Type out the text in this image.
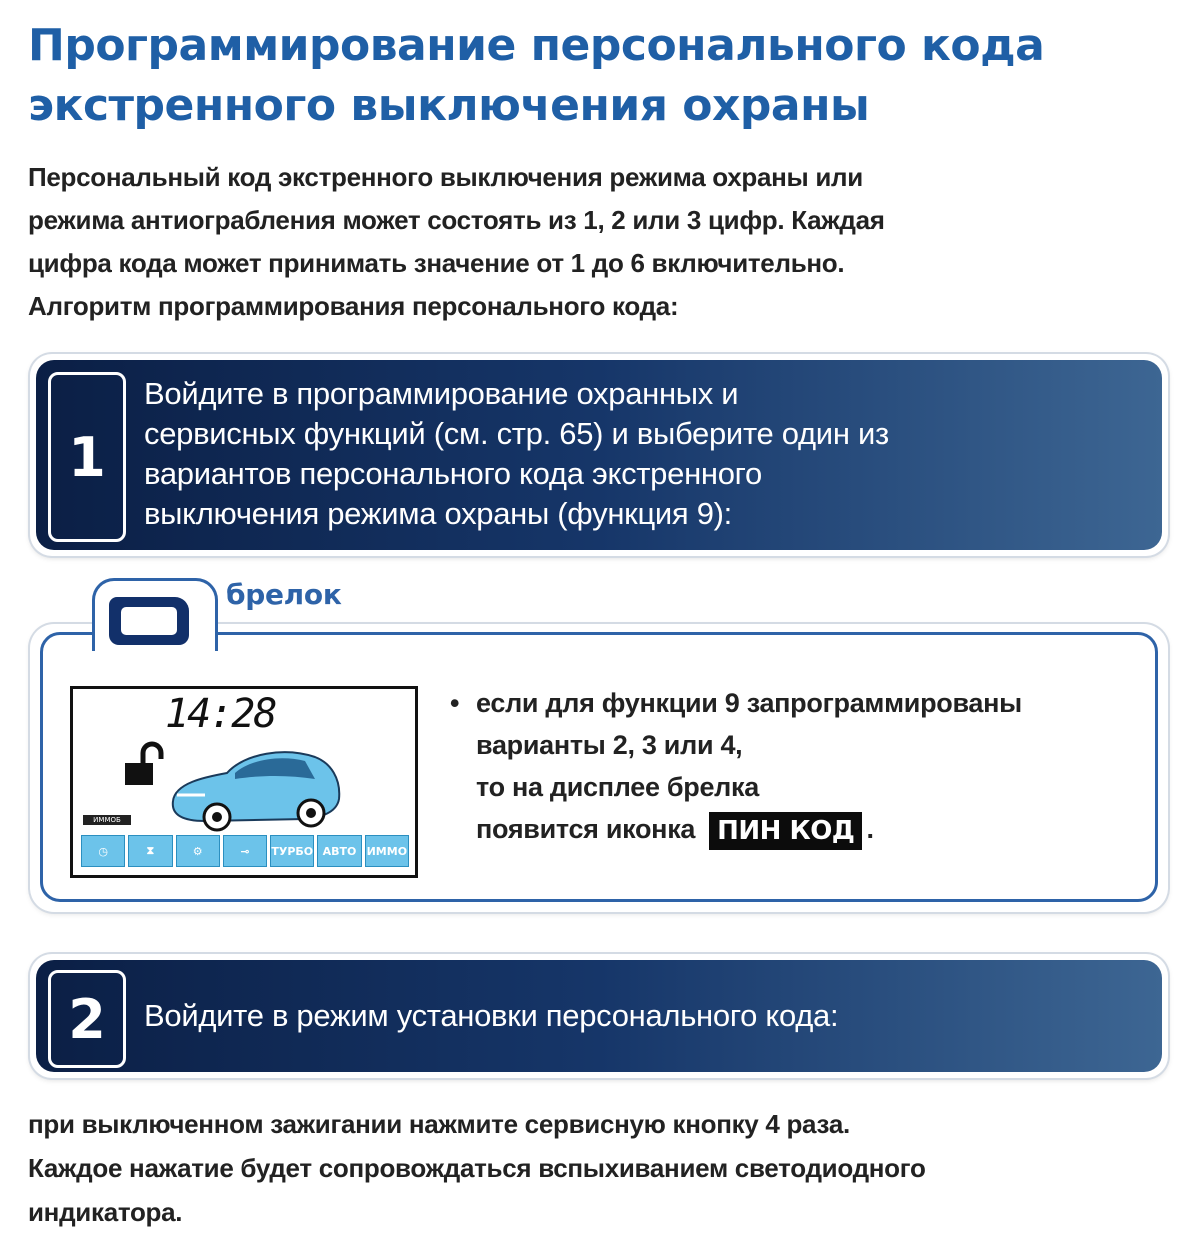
Программирование персонального кода
экстренного выключения охраны

Персональный код экстренного выключения режима охраны или

режима антиограбления может состоять из 1, 2 или 3 цифр. Каждая

цифра кода может принимать значение от 1 до 6 включительно.

Алгоритм программирования персонального кода:

1
Войдите в программирование охранных и
сервисных функций (см. стр. 65) и выберите один из
вариантов персонального кода экстренного
выключения режима охраны (функция 9):
брелок
14:28
ИММОБ
◷	⧗	⚙	⊸	ТУРБО АВТО ИММО
• если для функции 9 запрограммированы
варианты 2, 3 или 4,
то на дисплее брелка
появится иконка ПИН КОД .
2	Войдите в режим установки персонального кода:

при выключенном зажигании нажмите сервисную кнопку 4 раза.

Каждое нажатие будет сопровождаться вспыхиванием светодиодного

индикатора.
